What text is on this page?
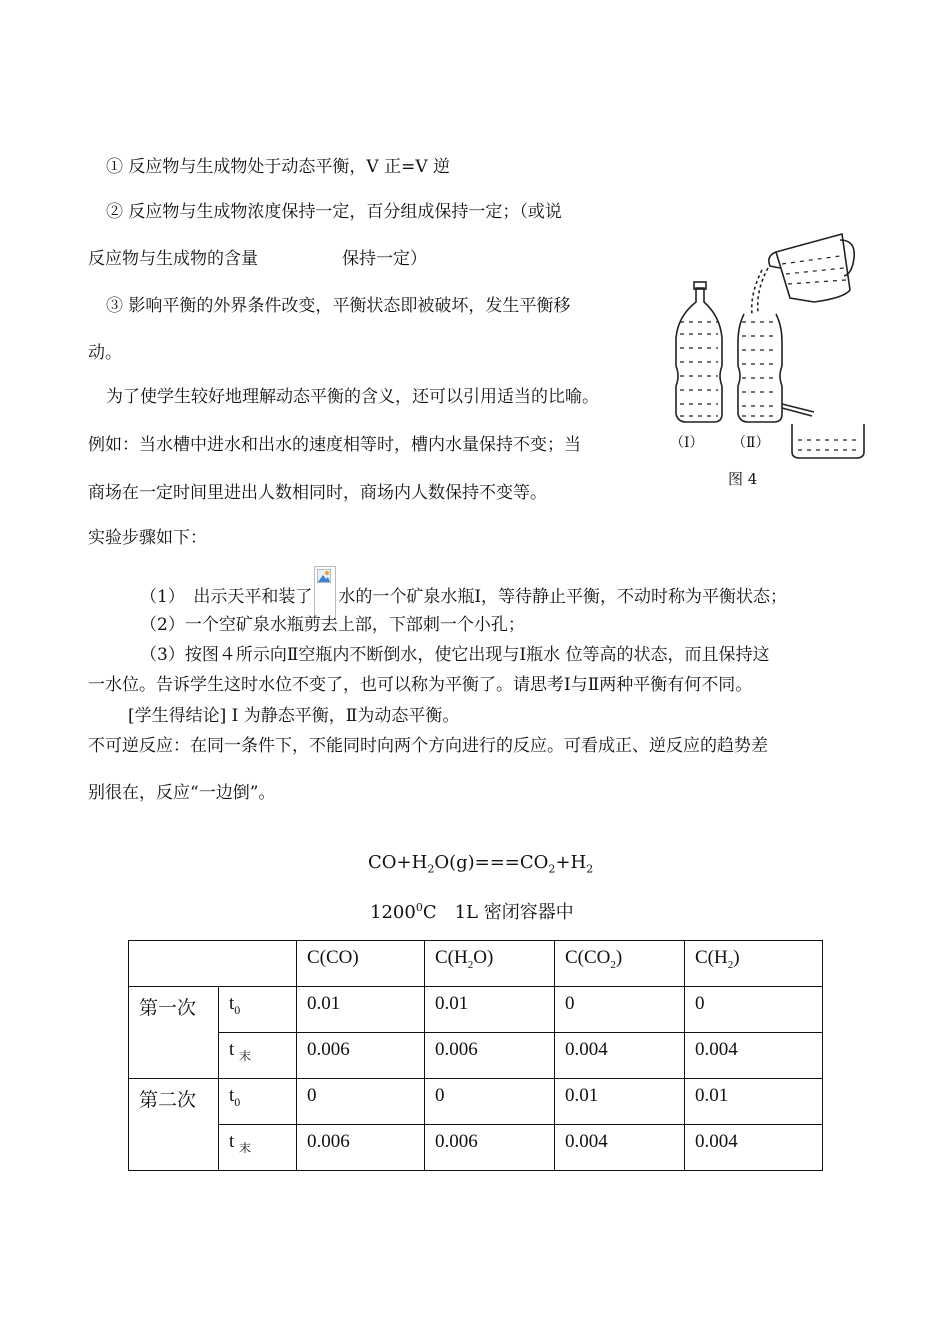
① 反应物与生成物处于动态平衡，V 正=V 逆
② 反应物与生成物浓度保持一定，百分组成保持一定；（或说
反应物与生成物的含量	保持一定）
③ 影响平衡的外界条件改变，平衡状态即被破坏，发生平衡移
动。
为了使学生较好地理解动态平衡的含义，还可以引用适当的比喻。
例如：当水槽中进水和出水的速度相等时，槽内水量保持不变；当
商场在一定时间里进出人数相同时，商场内人数保持不变等。
实验步骤如下：
（1）　出示天平和装了 水的一个矿泉水瓶Ⅰ，等待静止平衡，不动时称为平衡状态；
（2）一个空矿泉水瓶剪去上部，下部刺一个小孔；
（3）按图４所示向Ⅱ空瓶内不断倒水，使它出现与Ⅰ瓶水 位等高的状态，而且保持这
一水位。告诉学生这时水位不变了，也可以称为平衡了。请思考Ⅰ与Ⅱ两种平衡有何不同。
[学生得结论] Ⅰ 为静态平衡，Ⅱ为动态平衡。
不可逆反应：在同一条件下，不能同时向两个方向进行的反应。可看成正、逆反应的趋势差
别很在，反应“一边倒”。
（Ⅰ） （Ⅱ）
图 4
$CO+H_2O(g)===CO_2+H_2$
1200$^0$C　1L 密闭容器中
		C(CO)	$C(H_2O)$	$C(CO_2)$	$C(H_2)$
第一次	$t_0$	0.01	0.01	0	0
	t $_末$	0.006	0.006	0.004	0.004
第二次	$t_0$	0	0	0.01	0.01
	t $_末$	0.006	0.006	0.004	0.004
